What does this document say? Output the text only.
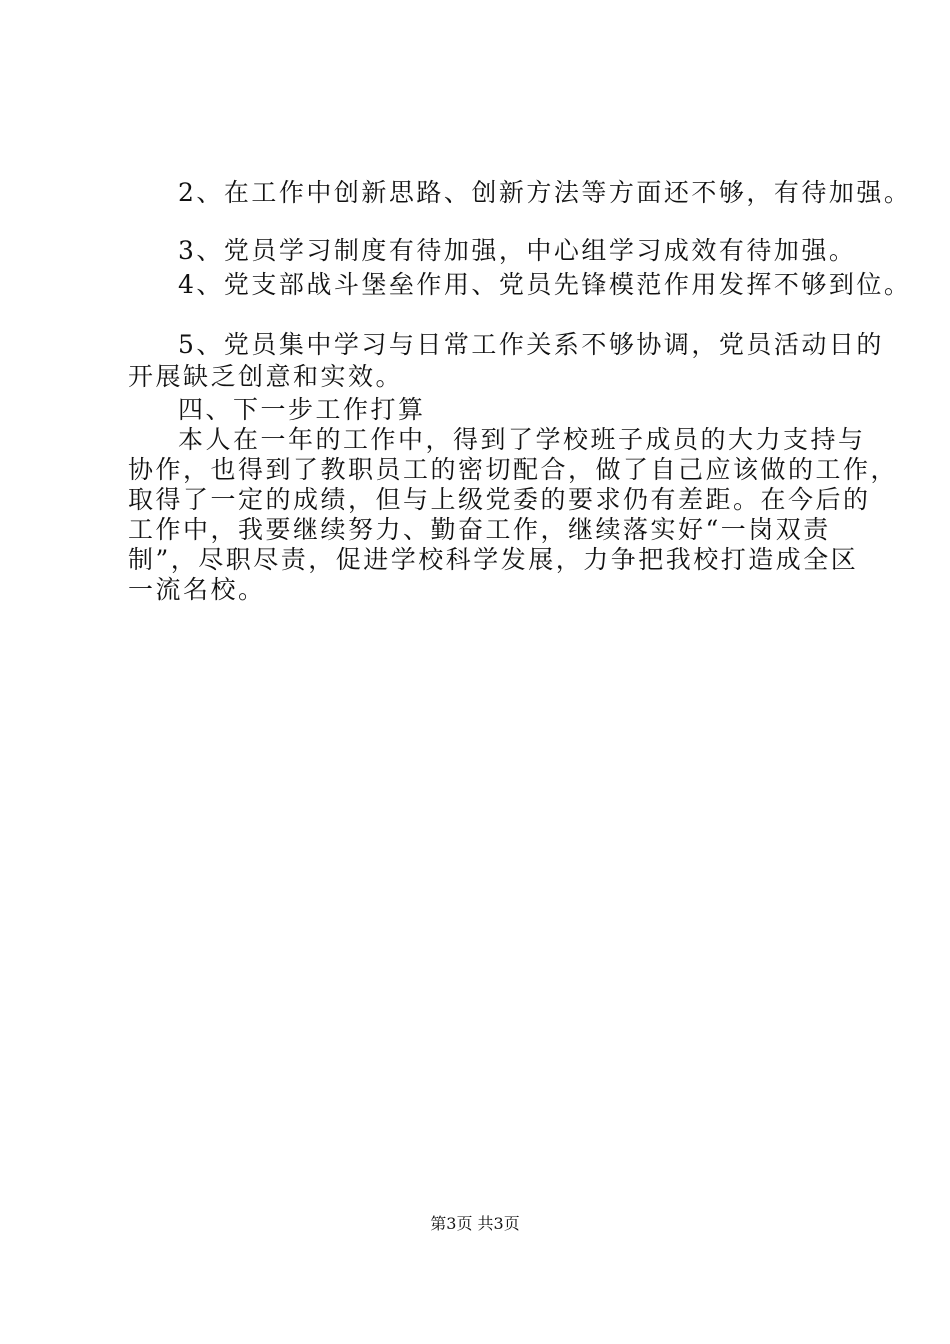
2、在工作中创新思路、创新方法等方面还不够，有待加强。
3、党员学习制度有待加强，中心组学习成效有待加强。
4、党支部战斗堡垒作用、党员先锋模范作用发挥不够到位。
5、党员集中学习与日常工作关系不够协调，党员活动日的
开展缺乏创意和实效。
四、下一步工作打算
本人在一年的工作中，得到了学校班子成员的大力支持与
协作，也得到了教职员工的密切配合，做了自己应该做的工作，
取得了一定的成绩，但与上级党委的要求仍有差距。在今后的
工作中，我要继续努力、勤奋工作，继续落实好“一岗双责
制”，尽职尽责，促进学校科学发展，力争把我校打造成全区
一流名校。
第3页 共3页
